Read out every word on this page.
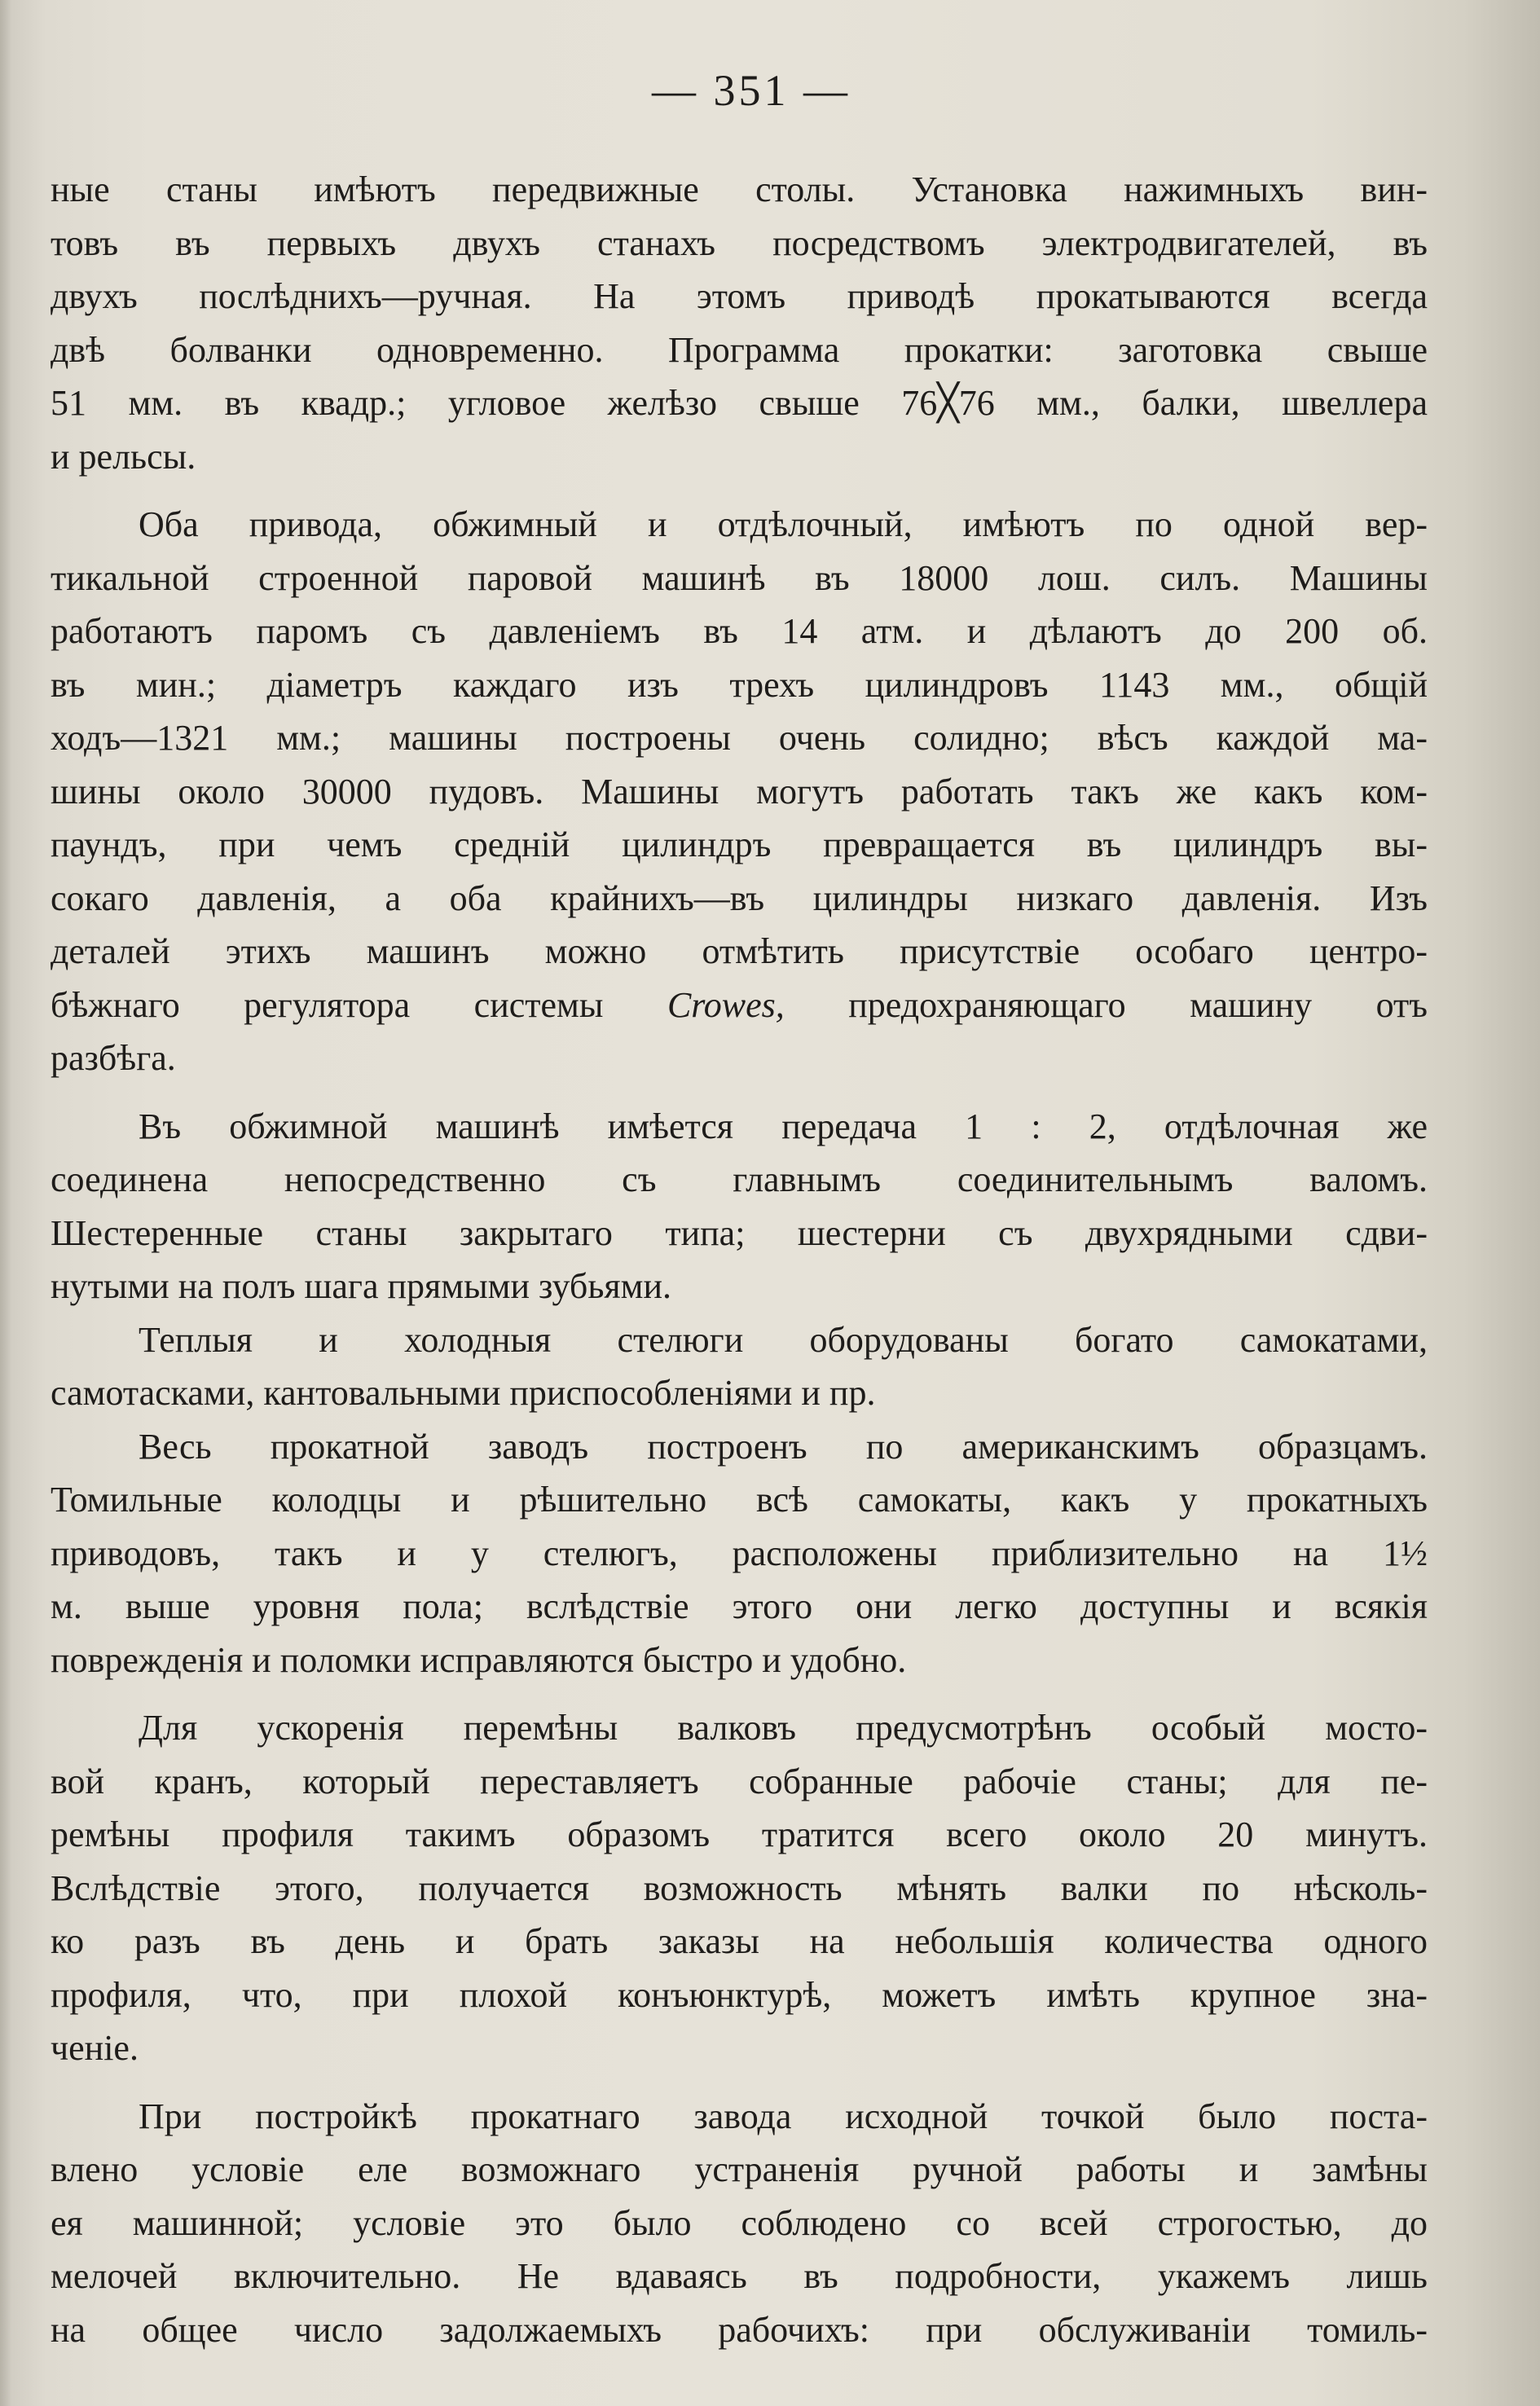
— 351 —
ные станы имѣютъ передвижные столы. Установка нажимныхъ вин-
товъ въ первыхъ двухъ станахъ посредствомъ электродвигателей, въ
двухъ послѣднихъ—ручная. На этомъ приводѣ прокатываются всегда
двѣ болванки одновременно. Программа прокатки: заготовка свыше
51 мм. въ квадр.; угловое желѣзо свыше 76╳76 мм., балки, швеллера
и рельсы.
Оба привода, обжимный и отдѣлочный, имѣютъ по одной вер-
тикальной строенной паровой машинѣ въ 18000 лош. силъ. Машины
работаютъ паромъ съ давленіемъ въ 14 атм. и дѣлаютъ до 200 об.
въ мин.; діаметръ каждаго изъ трехъ цилиндровъ 1143 мм., общій
ходъ—1321 мм.; машины построены очень солидно; вѣсъ каждой ма-
шины около 30000 пудовъ. Машины могутъ работать такъ же какъ ком-
паундъ, при чемъ средній цилиндръ превращается въ цилиндръ вы-
сокаго давленія, а оба крайнихъ—въ цилиндры низкаго давленія. Изъ
деталей этихъ машинъ можно отмѣтить присутствіе особаго центро-
бѣжнаго регулятора системы Crowes, предохраняющаго машину отъ
разбѣга.
Въ обжимной машинѣ имѣется передача 1 : 2, отдѣлочная же
соединена непосредственно съ главнымъ соединительнымъ валомъ.
Шестеренные станы закрытаго типа; шестерни съ двухрядными сдви-
нутыми на полъ шага прямыми зубьями.
Теплыя и холодныя стелюги оборудованы богато самокатами,
самотасками, кантовальными приспособленіями и пр.
Весь прокатной заводъ построенъ по американскимъ образцамъ.
Томильные колодцы и рѣшительно всѣ самокаты, какъ у прокатныхъ
приводовъ, такъ и у стелюгъ, расположены приблизительно на 1½
м. выше уровня пола; вслѣдствіе этого они легко доступны и всякія
поврежденія и поломки исправляются быстро и удобно.
Для ускоренія перемѣны валковъ предусмотрѣнъ особый мосто-
вой кранъ, который переставляетъ собранные рабочіе станы; для пе-
ремѣны профиля такимъ образомъ тратится всего около 20 минутъ.
Вслѣдствіе этого, получается возможность мѣнять валки по нѣсколь-
ко разъ въ день и брать заказы на небольшія количества одного
профиля, что, при плохой конъюнктурѣ, можетъ имѣть крупное зна-
ченіе.
При постройкѣ прокатнаго завода исходной точкой было поста-
влено условіе еле возможнаго устраненія ручной работы и замѣны
ея машинной; условіе это было соблюдено со всей строгостью, до
мелочей включительно. Не вдаваясь въ подробности, укажемъ лишь
на общее число задолжаемыхъ рабочихъ: при обслуживаніи томиль-
